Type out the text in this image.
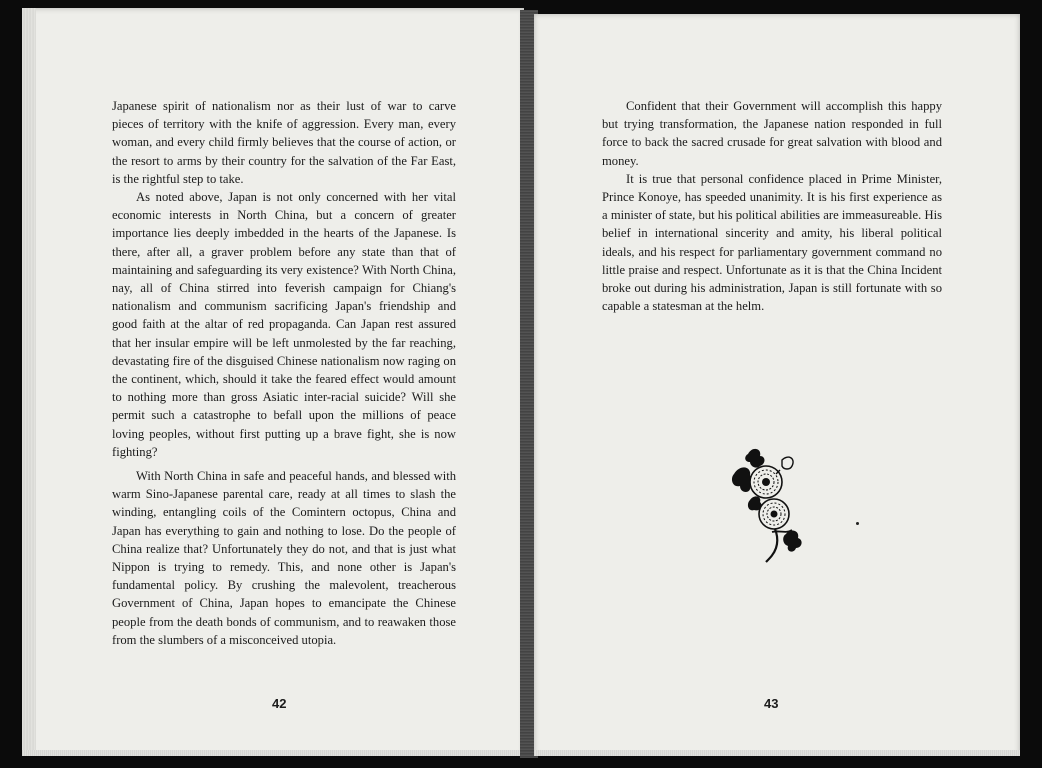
Japanese spirit of nationalism nor as their lust of war to carve pieces of territory with the knife of aggression. Every man, every woman, and every child firmly believes that the course of action, or the resort to arms by their country for the salvation of the Far East, is the rightful step to take.

As noted above, Japan is not only concerned with her vital economic interests in North China, but a concern of greater importance lies deeply imbedded in the hearts of the Japanese. Is there, after all, a graver problem before any state than that of maintaining and safeguarding its very existence? With North China, nay, all of China stirred into feverish campaign for Chiang's nationalism and communism sacrificing Japan's friendship and good faith at the altar of red propaganda. Can Japan rest assured that her insular empire will be left unmolested by the far reaching, devastating fire of the disguised Chinese nationalism now raging on the continent, which, should it take the feared effect would amount to nothing more than gross Asiatic inter-racial suicide? Will she permit such a catastrophe to befall upon the millions of peace loving peoples, without first putting up a brave fight, she is now fighting?

With North China in safe and peaceful hands, and blessed with warm Sino-Japanese parental care, ready at all times to slash the winding, entangling coils of the Comintern octopus, China and Japan has everything to gain and nothing to lose. Do the people of China realize that? Unfortunately they do not, and that is just what Nippon is trying to remedy. This, and none other is Japan's fundamental policy. By crushing the malevolent, treacherous Government of China, Japan hopes to emancipate the Chinese people from the death bonds of communism, and to reawaken those from the slumbers of a misconceived utopia.

42

Confident that their Government will accomplish this happy but trying transformation, the Japanese nation responded in full force to back the sacred crusade for great salvation with blood and money.

It is true that personal confidence placed in Prime Minister, Prince Konoye, has speeded unanimity. It is his first experience as a minister of state, but his political abilities are immeasureable. His belief in international sincerity and amity, his liberal political ideals, and his respect for parliamentary government command no little praise and respect. Unfortunate as it is that the China Incident broke out during his administration, Japan is still fortunate with so capable a statesman at the helm.

43
